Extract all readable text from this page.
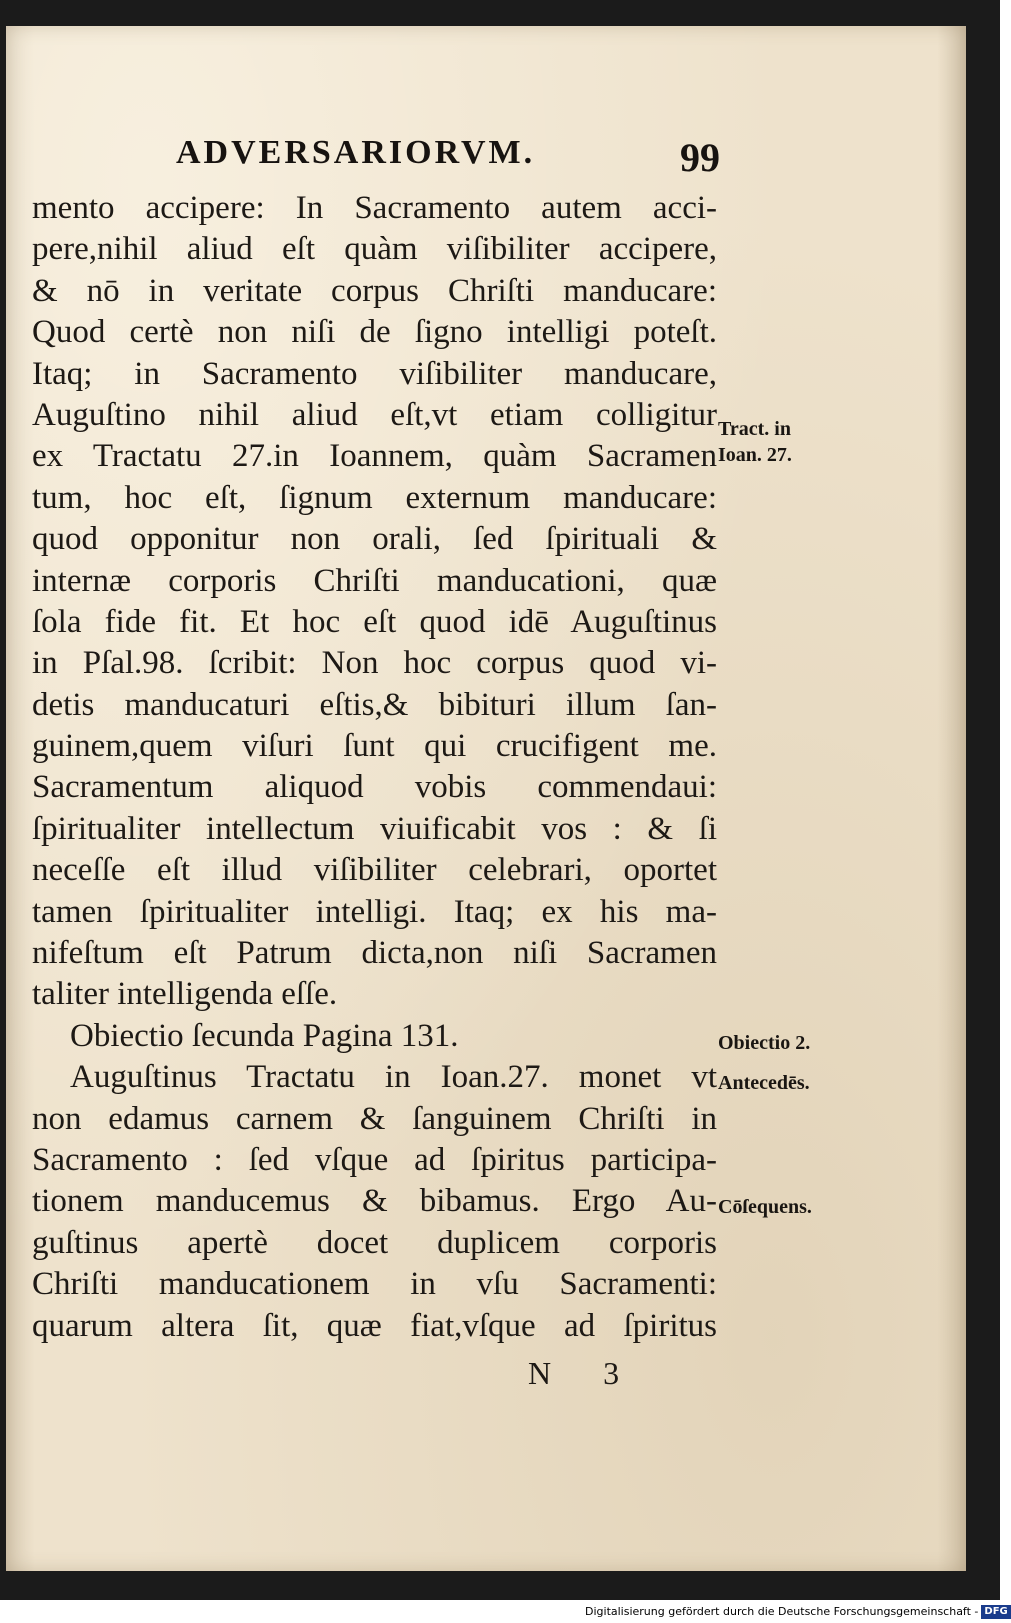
ADVERSARIORVM.	99
mento accipere: In Sacramento autem acci-
pere,nihil aliud eſt quàm viſibiliter accipere,
& nō in veritate corpus Chriſti manducare:
Quod certè non niſi de ſigno intelligi poteſt.
Itaq; in Sacramento viſibiliter manducare,
Auguſtino nihil aliud eſt,vt etiam colligitur
ex Tractatu 27.in Ioannem, quàm Sacramen
tum, hoc eſt, ſignum externum manducare:
quod opponitur non orali, ſed ſpirituali &
internæ corporis Chriſti manducationi, quæ
ſola fide fit. Et hoc eſt quod idē Auguſtinus
in Pſal.98. ſcribit: Non hoc corpus quod vi-
detis manducaturi eſtis,& bibituri illum ſan-
guinem,quem viſuri ſunt qui crucifigent me.
Sacramentum aliquod vobis commendaui:
ſpiritualiter intellectum viuificabit vos : & ſi
neceſſe eſt illud viſibiliter celebrari, oportet
tamen ſpiritualiter intelligi. Itaq; ex his ma-
nifeſtum eſt Patrum dicta,non niſi Sacramen
taliter intelligenda eſſe.
Obiectio ſecunda Pagina 131.
Auguſtinus Tractatu in Ioan.27. monet vt
non edamus carnem & ſanguinem Chriſti in
Sacramento : ſed vſque ad ſpiritus participa-
tionem manducemus & bibamus. Ergo Au-
guſtinus apertè docet duplicem corporis
Chriſti manducationem in vſu Sacramenti:
quarum altera ſit, quæ fiat,vſque ad ſpiritus
Tract. in
Ioan. 27.
Obiectio 2.
Antecedēs.
Cōſequens.
N 3
Digitalisierung gefördert durch die Deutsche Forschungsgemeinschaft - DFG
